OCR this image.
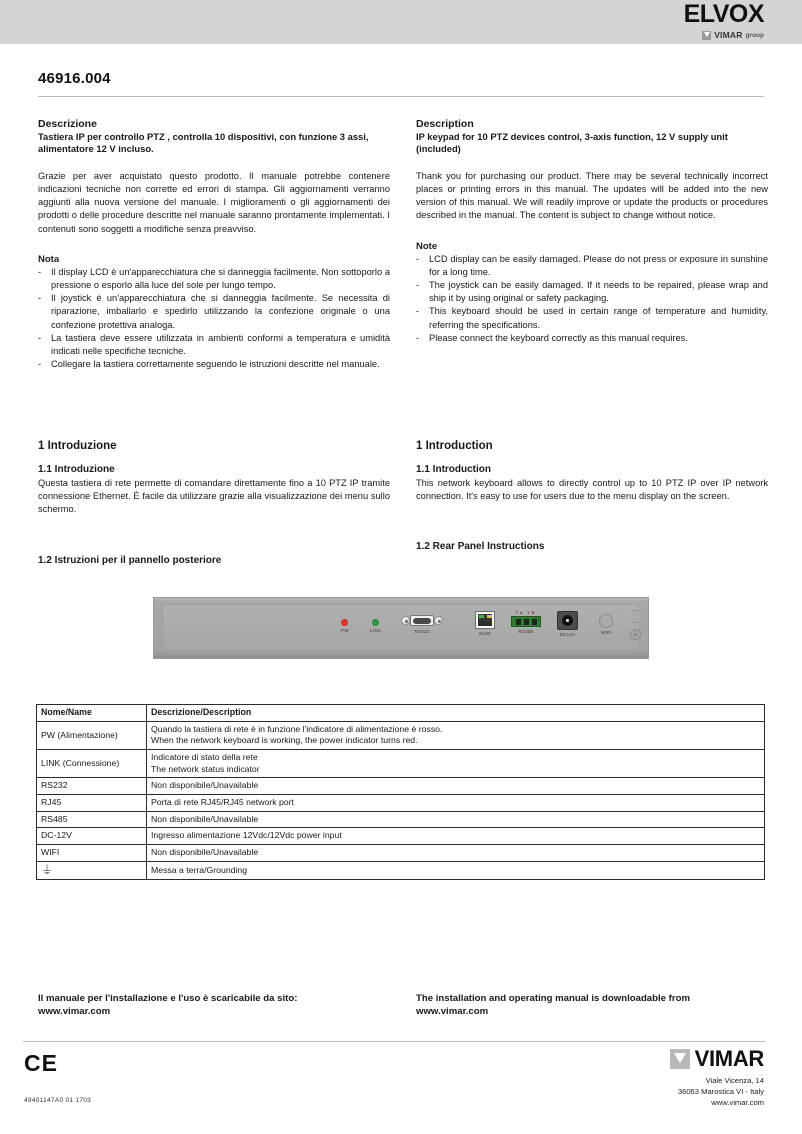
ELVOX
VIMAR group
46916.004
Descrizione

Tastiera IP per controllo PTZ , controlla 10 dispositivi, con funzione 3 assi, alimentatore 12 V incluso.

Grazie per aver acquistato questo prodotto. Il manuale potrebbe contenere indicazioni tecniche non corrette ed errori di stampa. Gli aggiornamenti verranno aggiunti alla nuova versione del manuale. I miglioramenti o gli aggiornamenti dei prodotti o delle procedure descritte nel manuale saranno prontamente implementati. I contenuti sono soggetti a modifiche senza preavviso.

Nota
- Il display LCD è un'apparecchiatura che si danneggia facilmente. Non sottoporlo a pressione o esporlo alla luce del sole per lungo tempo.
- Il joystick è un'apparecchiatura che si danneggia facilmente. Se necessita di riparazione, imballarlo e spedirlo utilizzando la confezione originale o una confezione protettiva analoga.
- La tastiera deve essere utilizzata in ambienti conformi a temperatura e umidità indicati nelle specifiche tecniche.
- Collegare la tastiera correttamente seguendo le istruzioni descritte nel manuale.
Description

IP keypad for 10 PTZ devices control, 3-axis function, 12 V supply unit (included)

Thank you for purchasing our product. There may be several technically incorrect places or printing errors in this manual. The updates will be added into the new version of this manual. We will readily improve or update the products or procedures described in the manual. The content is subject to change without notice.

Note
- LCD display can be easily damaged. Please do not press or exposure in sunshine for a long time.
- The joystick can be easily damaged. If it needs to be repaired, please wrap and ship it by using original or safety packaging.
- This keyboard should be used in certain range of temperature and humidity, referring the specifications.
- Please connect the keyboard correctly as this manual requires.
1 Introduzione
1.1 Introduzione

Questa tastiera di rete permette di comandare direttamente fino a 10 PTZ IP tramite connessione Ethernet. È facile da utilizzare grazie alla visualizzazione dei menu sullo schermo.

1.2 Istruzioni per il pannello posteriore
1 Introduction
1.1 Introduction

This network keyboard allows to directly control up to 10 PTZ IP over IP network connection. It's easy to use for users due to the menu display on the screen.

1.2 Rear Panel Instructions
PW	LINK	RS232	RJ45
TA TB
RS485
DC12V	WIFI	⏚
Nome/Name	Descrizione/Description
PW (Alimentazione)	Quando la tastiera di rete è in funzione l'indicatore di alimentazione è rosso.
When the network keyboard is working, the power indicator turns red.

LINK (Connessione)	Indicatore di stato della rete
The network status indicator

RS232	Non disponibile/Unavailable
RJ45	Porta di rete RJ45/RJ45 network port
RS485	Non disponibile/Unavailable
DC-12V	Ingresso alimentazione 12Vdc/12Vdc power input
WIFI	Non disponibile/Unavailable
⏚	Messa a terra/Grounding
Il manuale per l'installazione e l'uso è scaricabile da sito:
www.vimar.com
The installation and operating manual is downloadable from
www.vimar.com
CE
49401147A0 01 1703
VIMAR
Viale Vicenza, 14
36063 Marostica VI - Italy
www.vimar.com
